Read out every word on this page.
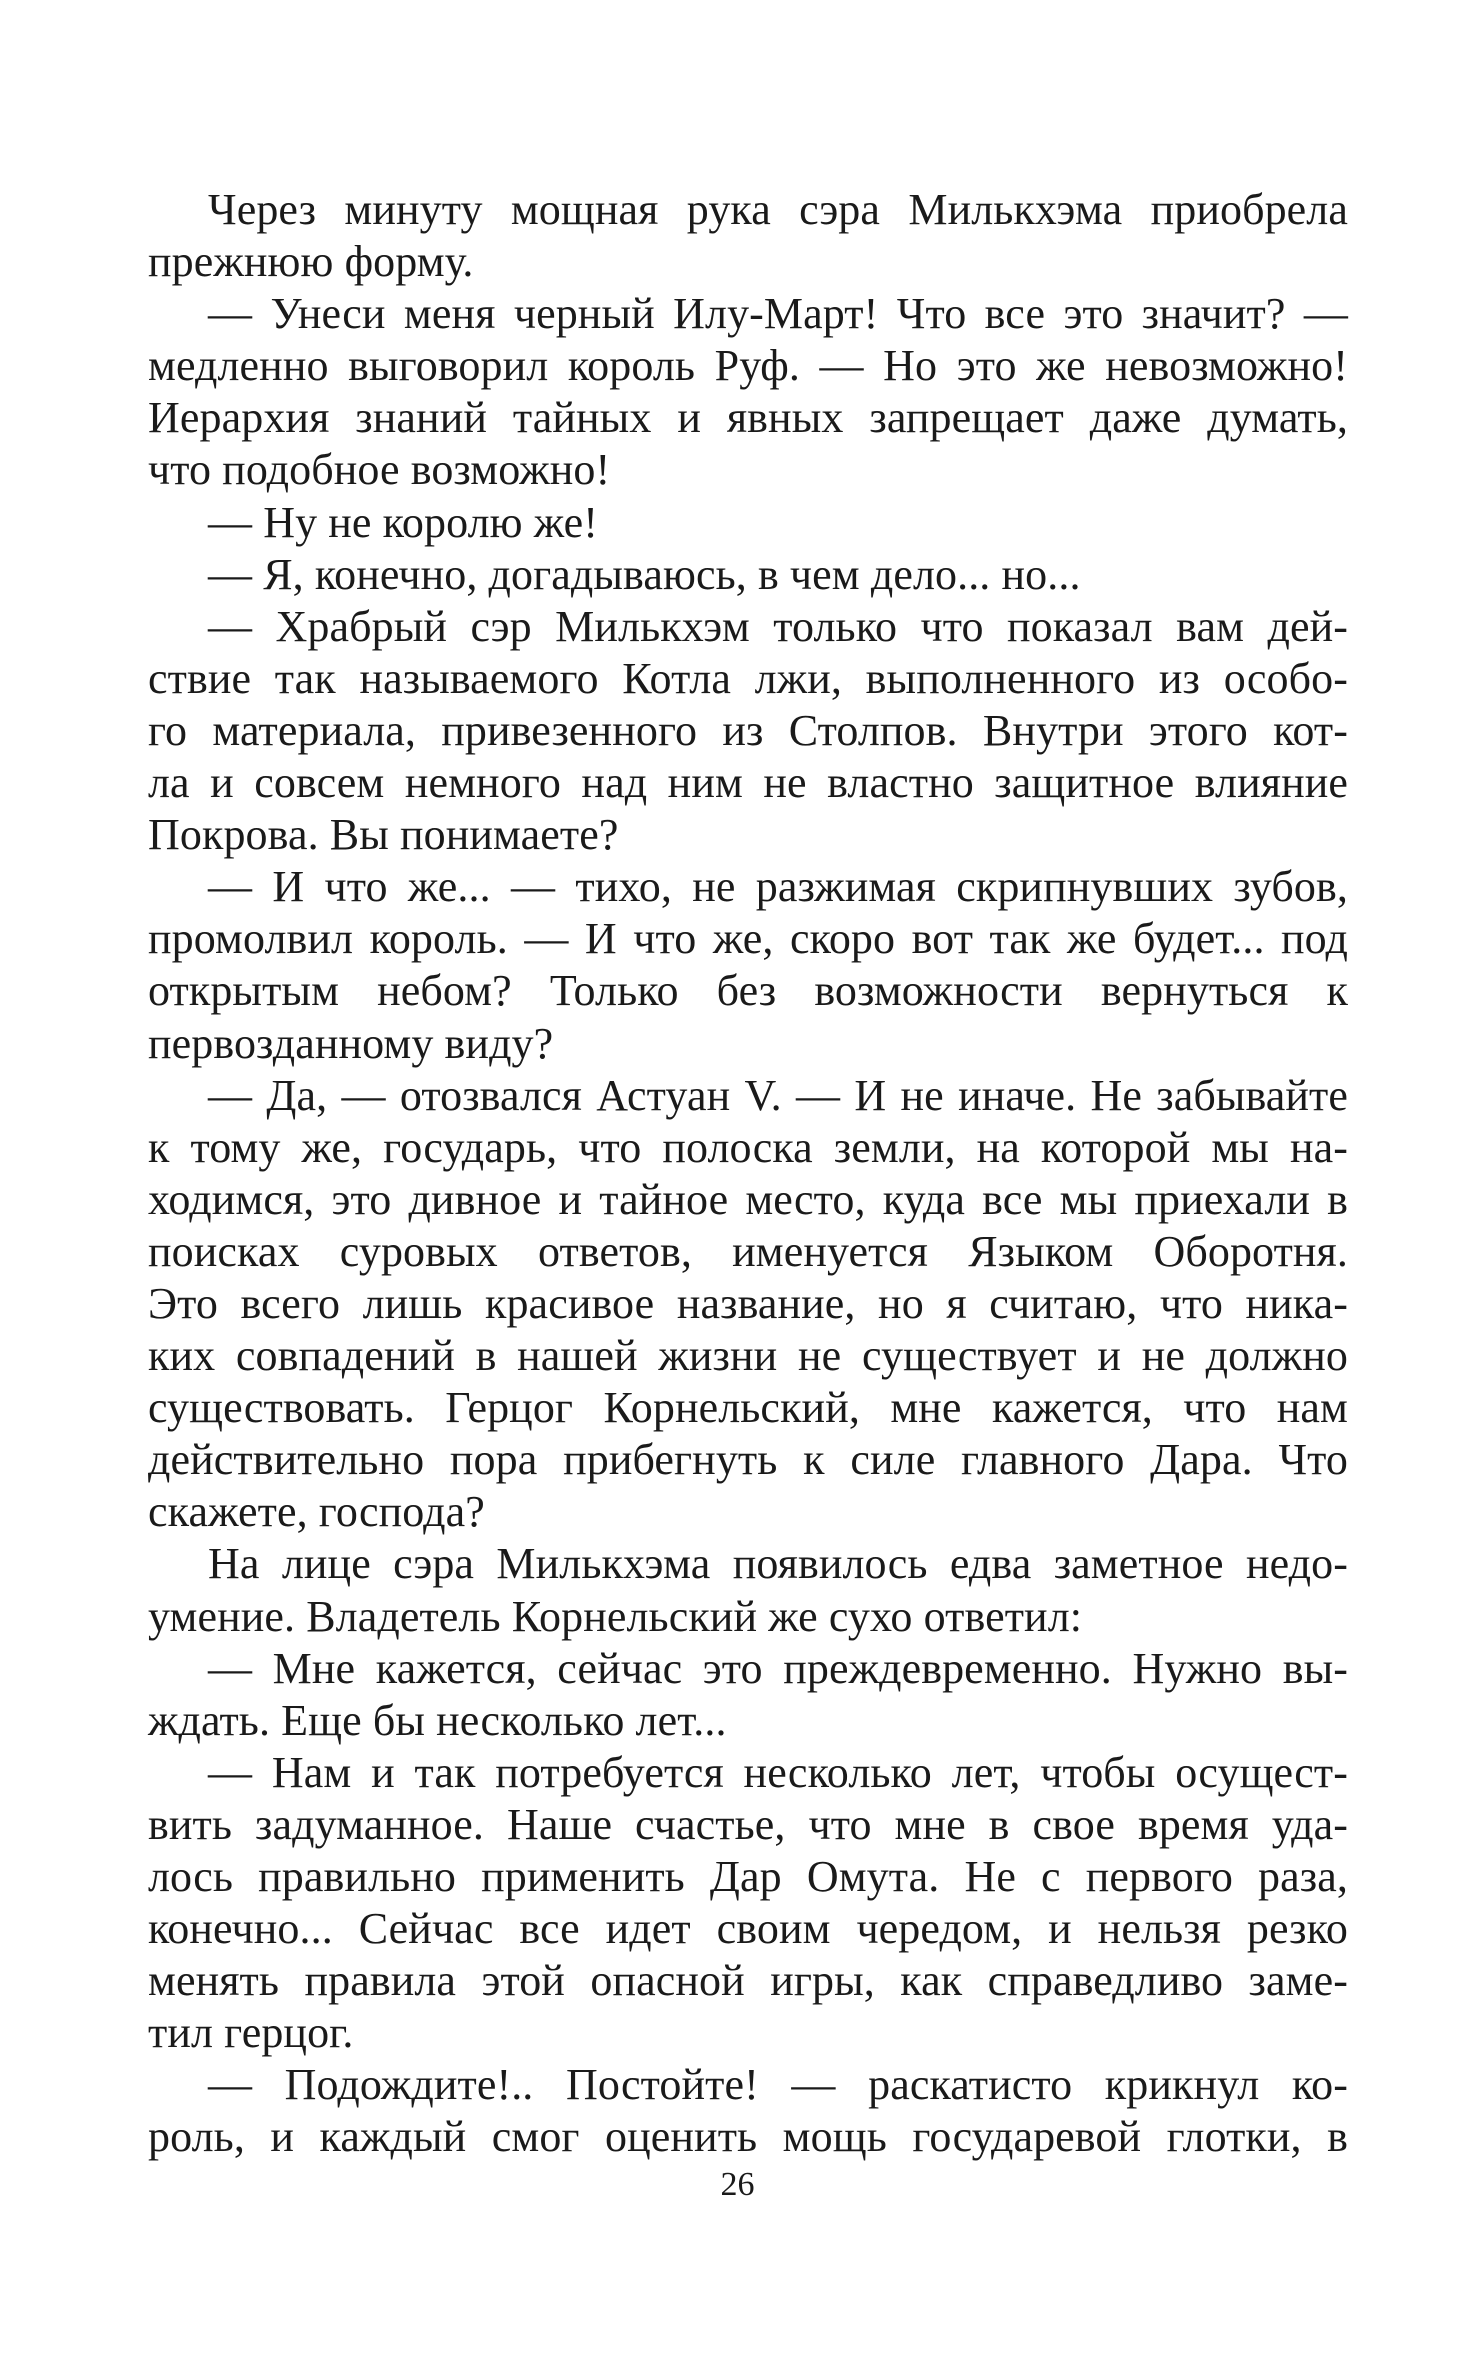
Через минуту мощная рука сэра Милькхэма приобрела
прежнюю форму.
— Унеси меня черный Илу-Март! Что все это значит? —
медленно выговорил король Руф. — Но это же невозможно!
Иерархия знаний тайных и явных запрещает даже думать,
что подобное возможно!
— Ну не королю же!
— Я, конечно, догадываюсь, в чем дело... но...
— Храбрый сэр Милькхэм только что показал вам дей-
ствие так называемого Котла лжи, выполненного из особо-
го материала, привезенного из Столпов. Внутри этого кот-
ла и совсем немного над ним не властно защитное влияние
Покрова. Вы понимаете?
— И что же... — тихо, не разжимая скрипнувших зубов,
промолвил король. — И что же, скоро вот так же будет... под
открытым небом? Только без возможности вернуться к
первозданному виду?
— Да, — отозвался Астуан V. — И не иначе. Не забывайте
к тому же, государь, что полоска земли, на которой мы на-
ходимся, это дивное и тайное место, куда все мы приехали в
поисках суровых ответов, именуется Языком Оборотня.
Это всего лишь красивое название, но я считаю, что ника-
ких совпадений в нашей жизни не существует и не должно
существовать. Герцог Корнельский, мне кажется, что нам
действительно пора прибегнуть к силе главного Дара. Что
скажете, господа?
На лице сэра Милькхэма появилось едва заметное недо-
умение. Владетель Корнельский же сухо ответил:
— Мне кажется, сейчас это преждевременно. Нужно вы-
ждать. Еще бы несколько лет...
— Нам и так потребуется несколько лет, чтобы осущест-
вить задуманное. Наше счастье, что мне в свое время уда-
лось правильно применить Дар Омута. Не с первого раза,
конечно... Сейчас все идет своим чередом, и нельзя резко
менять правила этой опасной игры, как справедливо заме-
тил герцог.
— Подождите!.. Постойте! — раскатисто крикнул ко-
роль, и каждый смог оценить мощь государевой глотки, в
26
